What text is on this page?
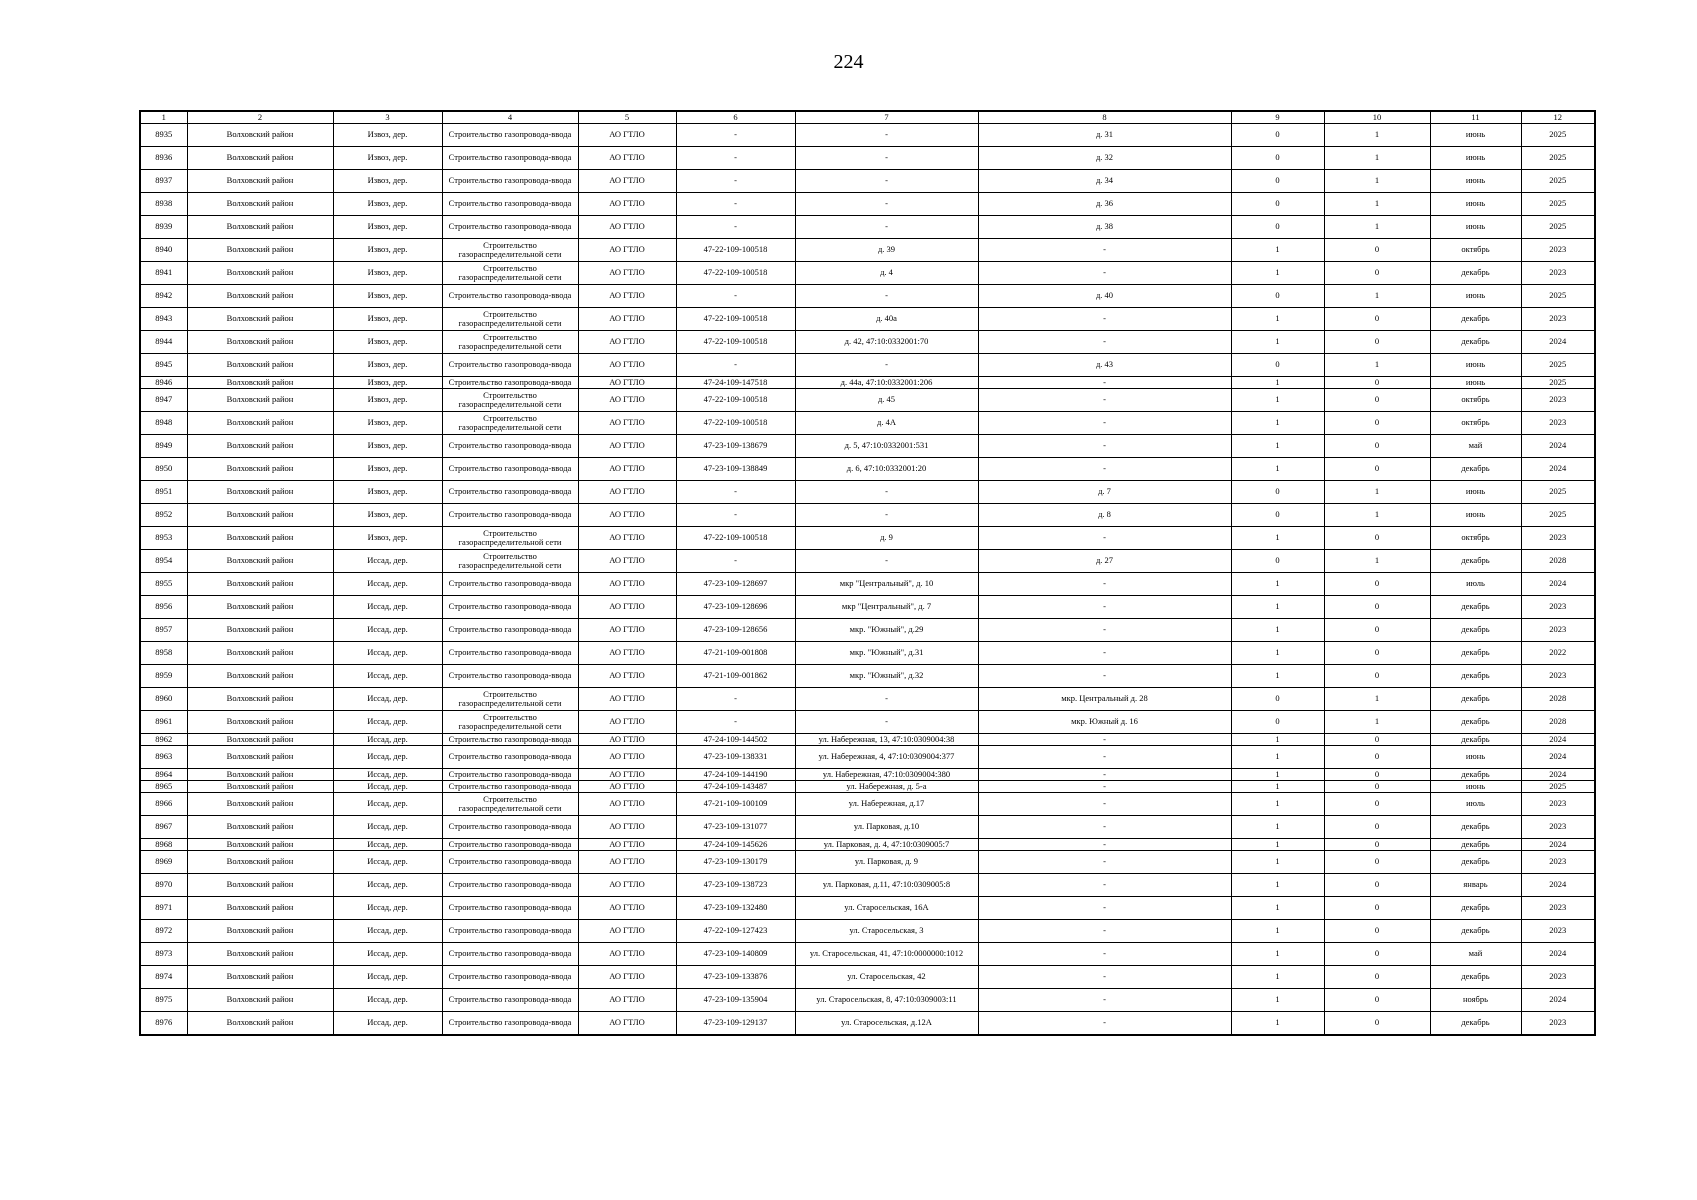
224
1	2	3	4	5	6	7	8	9	10	11	12
8935	Волховский район	Извоз, дер.	Строительство газопровода-ввода	АО ГТЛО	-	-	д. 31	0	1	июнь	2025
8936	Волховский район	Извоз, дер.	Строительство газопровода-ввода	АО ГТЛО	-	-	д. 32	0	1	июнь	2025
8937	Волховский район	Извоз, дер.	Строительство газопровода-ввода	АО ГТЛО	-	-	д. 34	0	1	июнь	2025
8938	Волховский район	Извоз, дер.	Строительство газопровода-ввода	АО ГТЛО	-	-	д. 36	0	1	июнь	2025
8939	Волховский район	Извоз, дер.	Строительство газопровода-ввода	АО ГТЛО	-	-	д. 38	0	1	июнь	2025
8940	Волховский район	Извоз, дер.	Строительство газораспределительной сети	АО ГТЛО	47-22-109-100518	д. 39	-	1	0	октябрь	2023
8941	Волховский район	Извоз, дер.	Строительство газораспределительной сети	АО ГТЛО	47-22-109-100518	д. 4	-	1	0	декабрь	2023
8942	Волховский район	Извоз, дер.	Строительство газопровода-ввода	АО ГТЛО	-	-	д. 40	0	1	июнь	2025
8943	Волховский район	Извоз, дер.	Строительство газораспределительной сети	АО ГТЛО	47-22-109-100518	д. 40а	-	1	0	декабрь	2023
8944	Волховский район	Извоз, дер.	Строительство газораспределительной сети	АО ГТЛО	47-22-109-100518	д. 42, 47:10:0332001:70	-	1	0	декабрь	2024
8945	Волховский район	Извоз, дер.	Строительство газопровода-ввода	АО ГТЛО	-	-	д. 43	0	1	июнь	2025
8946	Волховский район	Извоз, дер.	Строительство газопровода-ввода	АО ГТЛО	47-24-109-147518	д. 44а, 47:10:0332001:206	-	1	0	июнь	2025
8947	Волховский район	Извоз, дер.	Строительство газораспределительной сети	АО ГТЛО	47-22-109-100518	д. 45	-	1	0	октябрь	2023
8948	Волховский район	Извоз, дер.	Строительство газораспределительной сети	АО ГТЛО	47-22-109-100518	д. 4А	-	1	0	октябрь	2023
8949	Волховский район	Извоз, дер.	Строительство газопровода-ввода	АО ГТЛО	47-23-109-138679	д. 5, 47:10:0332001:531	-	1	0	май	2024
8950	Волховский район	Извоз, дер.	Строительство газопровода-ввода	АО ГТЛО	47-23-109-138849	д. 6, 47:10:0332001:20	-	1	0	декабрь	2024
8951	Волховский район	Извоз, дер.	Строительство газопровода-ввода	АО ГТЛО	-	-	д. 7	0	1	июнь	2025
8952	Волховский район	Извоз, дер.	Строительство газопровода-ввода	АО ГТЛО	-	-	д. 8	0	1	июнь	2025
8953	Волховский район	Извоз, дер.	Строительство газораспределительной сети	АО ГТЛО	47-22-109-100518	д. 9	-	1	0	октябрь	2023
8954	Волховский район	Иссад, дер.	Строительство газораспределительной сети	АО ГТЛО	-	-	д. 27	0	1	декабрь	2028
8955	Волховский район	Иссад, дер.	Строительство газопровода-ввода	АО ГТЛО	47-23-109-128697	мкр "Центральный", д. 10	-	1	0	июль	2024
8956	Волховский район	Иссад, дер.	Строительство газопровода-ввода	АО ГТЛО	47-23-109-128696	мкр "Центральный", д. 7	-	1	0	декабрь	2023
8957	Волховский район	Иссад, дер.	Строительство газопровода-ввода	АО ГТЛО	47-23-109-128656	мкр. "Южный", д.29	-	1	0	декабрь	2023
8958	Волховский район	Иссад, дер.	Строительство газопровода-ввода	АО ГТЛО	47-21-109-001808	мкр. "Южный", д.31	-	1	0	декабрь	2022
8959	Волховский район	Иссад, дер.	Строительство газопровода-ввода	АО ГТЛО	47-21-109-001862	мкр. "Южный", д.32	-	1	0	декабрь	2023
8960	Волховский район	Иссад, дер.	Строительство газораспределительной сети	АО ГТЛО	-	-	мкр. Центральный д. 28	0	1	декабрь	2028
8961	Волховский район	Иссад, дер.	Строительство газораспределительной сети	АО ГТЛО	-	-	мкр. Южный д. 16	0	1	декабрь	2028
8962	Волховский район	Иссад, дер.	Строительство газопровода-ввода	АО ГТЛО	47-24-109-144502	ул. Набережная, 13, 47:10:0309004:38	-	1	0	декабрь	2024
8963	Волховский район	Иссад, дер.	Строительство газопровода-ввода	АО ГТЛО	47-23-109-138331	ул. Набережная, 4, 47:10:0309004:377	-	1	0	июнь	2024
8964	Волховский район	Иссад, дер.	Строительство газопровода-ввода	АО ГТЛО	47-24-109-144190	ул. Набережная, 47:10:0309004:380	-	1	0	декабрь	2024
8965	Волховский район	Иссад, дер.	Строительство газопровода-ввода	АО ГТЛО	47-24-109-143487	ул. Набережная, д. 5-а	-	1	0	июнь	2025
8966	Волховский район	Иссад, дер.	Строительство газораспределительной сети	АО ГТЛО	47-21-109-100109	ул. Набережная, д.17	-	1	0	июль	2023
8967	Волховский район	Иссад, дер.	Строительство газопровода-ввода	АО ГТЛО	47-23-109-131077	ул. Парковая, д.10	-	1	0	декабрь	2023
8968	Волховский район	Иссад, дер.	Строительство газопровода-ввода	АО ГТЛО	47-24-109-145626	ул. Парковая, д. 4, 47:10:0309005:7	-	1	0	декабрь	2024
8969	Волховский район	Иссад, дер.	Строительство газопровода-ввода	АО ГТЛО	47-23-109-130179	ул. Парковая, д. 9	-	1	0	декабрь	2023
8970	Волховский район	Иссад, дер.	Строительство газопровода-ввода	АО ГТЛО	47-23-109-138723	ул. Парковая, д.11, 47:10:0309005:8	-	1	0	январь	2024
8971	Волховский район	Иссад, дер.	Строительство газопровода-ввода	АО ГТЛО	47-23-109-132480	ул. Старосельская, 16А	-	1	0	декабрь	2023
8972	Волховский район	Иссад, дер.	Строительство газопровода-ввода	АО ГТЛО	47-22-109-127423	ул. Старосельская, 3	-	1	0	декабрь	2023
8973	Волховский район	Иссад, дер.	Строительство газопровода-ввода	АО ГТЛО	47-23-109-140809	ул. Старосельская, 41, 47:10:0000000:1012	-	1	0	май	2024
8974	Волховский район	Иссад, дер.	Строительство газопровода-ввода	АО ГТЛО	47-23-109-133876	ул. Старосельская, 42	-	1	0	декабрь	2023
8975	Волховский район	Иссад, дер.	Строительство газопровода-ввода	АО ГТЛО	47-23-109-135904	ул. Старосельская, 8, 47:10:0309003:11	-	1	0	ноябрь	2024
8976	Волховский район	Иссад, дер.	Строительство газопровода-ввода	АО ГТЛО	47-23-109-129137	ул. Старосельская, д.12А	-	1	0	декабрь	2023
